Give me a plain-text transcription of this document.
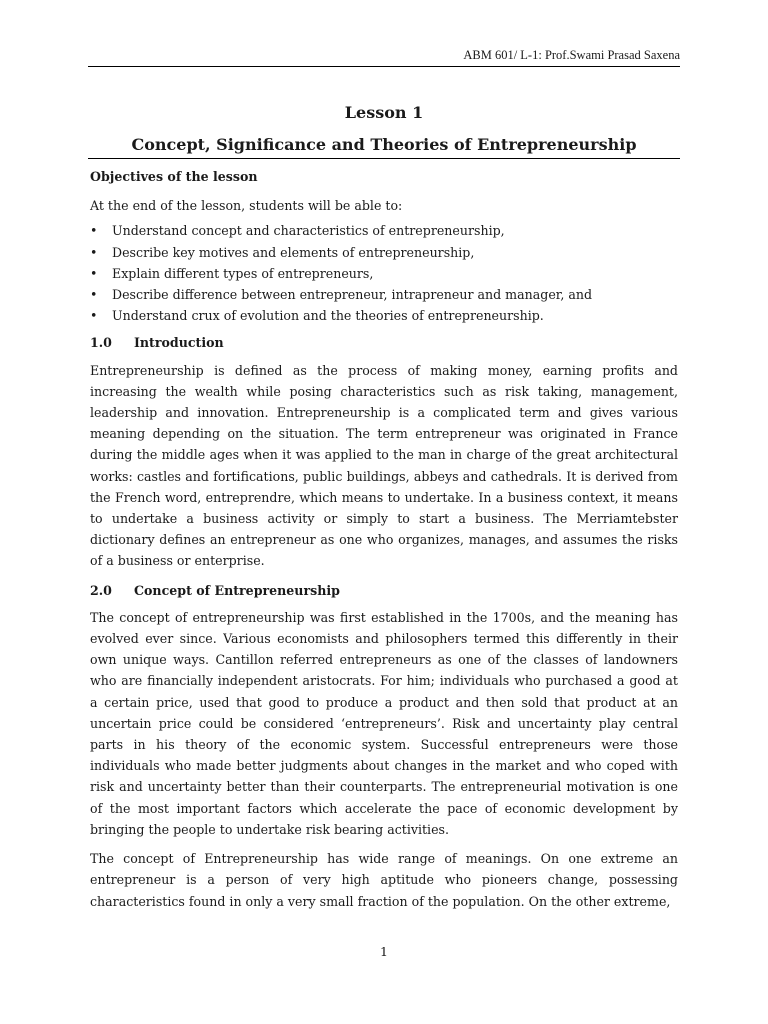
ABM 601/ L-1: Prof.Swami Prasad Saxena
Lesson 1
Concept, Significance and Theories of Entrepreneurship
Objectives of the lesson
At the end of the lesson, students will be able to:
• Understand concept and characteristics of entrepreneurship,
• Describe key motives and elements of entrepreneurship,
• Explain different types of entrepreneurs,
• Describe difference between entrepreneur, intrapreneur and manager, and
• Understand crux of evolution and the theories of entrepreneurship.
1.0 Introduction

Entrepreneurship is defined as the process of making money, earning profits and increasing the wealth while posing characteristics such as risk taking, management, leadership and innovation. Entrepreneurship is a complicated term and gives various meaning depending on the situation. The term entrepreneur was originated in France during the middle ages when it was applied to the man in charge of the great architectural works: castles and fortifications, public buildings, abbeys and cathedrals. It is derived from the French word, entreprendre, which means to undertake. In a business context, it means to undertake a business activity or simply to start a business. The Merriamtebster dictionary defines an entrepreneur as one who organizes, manages, and assumes the risks of a business or enterprise.

2.0 Concept of Entrepreneurship

The concept of entrepreneurship was first established in the 1700s, and the meaning has evolved ever since. Various economists and philosophers termed this differently in their own unique ways. Cantillon referred entrepreneurs as one of the classes of landowners who are financially independent aristocrats. For him; individuals who purchased a good at a certain price, used that good to produce a product and then sold that product at an uncertain price could be considered ‘entrepreneurs’. Risk and uncertainty play central parts in his theory of the economic system. Successful entrepreneurs were those individuals who made better judgments about changes in the market and who coped with risk and uncertainty better than their counterparts. The entrepreneurial motivation is one of the most important factors which accelerate the pace of economic development by bringing the people to undertake risk bearing activities.

The concept of Entrepreneurship has wide range of meanings. On one extreme an entrepreneur is a person of very high aptitude who pioneers change, possessing characteristics found in only a very small fraction of the population. On the other extreme,

1
